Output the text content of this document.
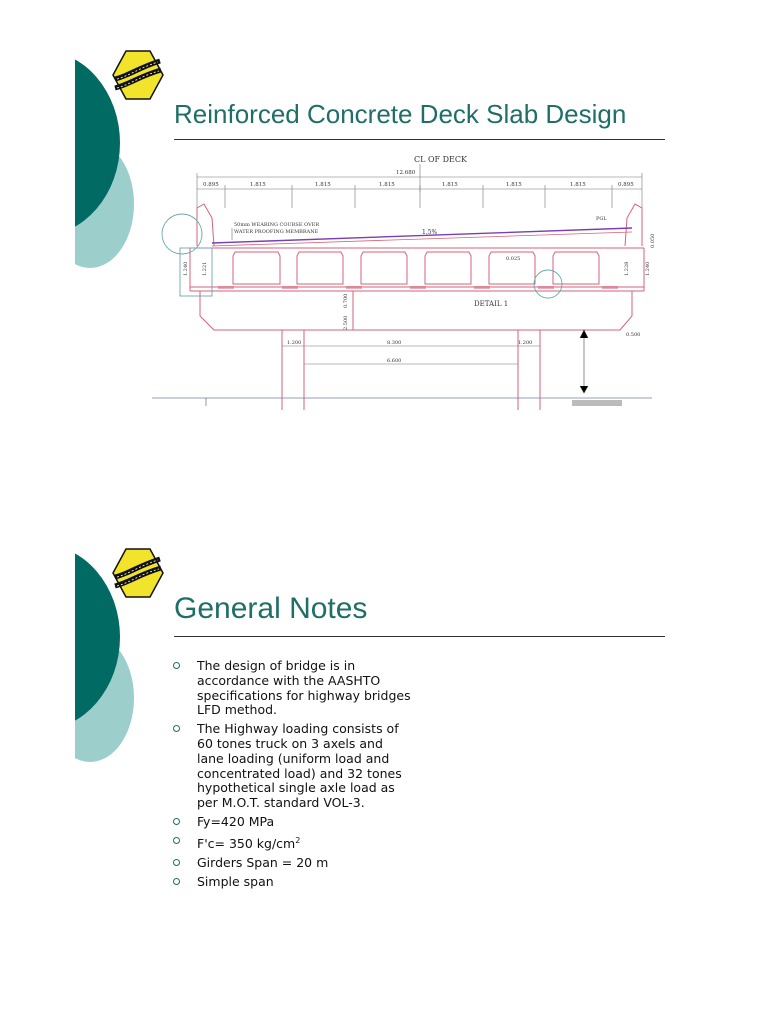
Reinforced Concrete Deck Slab Design
CL OF DECK
12.680
0.895	1.815	1.815	1.815	1.815	1.815	1.815	0.895
50mm WEARING COURSE OVER
WATER PROOFING MEMBRANE	1.5%
PGL
DETAIL 1
1.240	1.221	1.228	1.240
0.050
0.025
0.700
2.500
1.200	8.300	1.200
6.600
0.500
General Notes
The design of bridge is in accordance with the AASHTO specifications for highway bridges LFD method.
The Highway loading consists of 60 tones truck on 3 axels and lane loading (uniform load and concentrated load) and 32 tones hypothetical single axle load as per M.O.T. standard VOL-3.
Fy=420 MPa
F'c= 350 $kg/cm^2$
Girders Span = 20 m
Simple span
